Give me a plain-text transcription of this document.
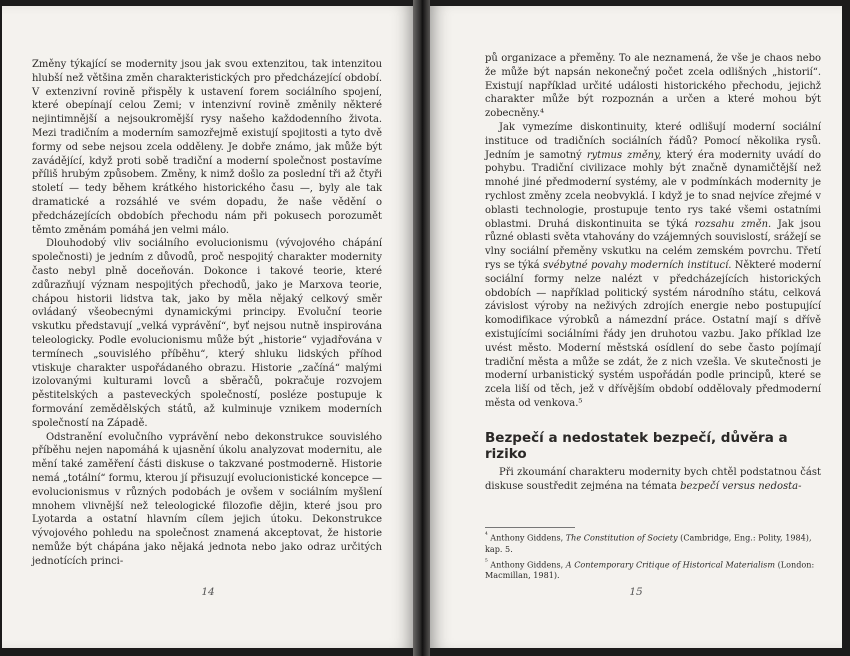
Změny týkající se modernity jsou jak svou extenzitou, tak intenzitou hlubší než většina změn charakteristických pro předcházející období. V extenzivní rovině přispěly k ustavení forem sociálního spojení, které obepínají celou Zemi; v intenzivní rovině změnily některé nejintimnější a nejsoukromější rysy našeho každodenního života. Mezi tradičním a moderním samozřejmě existují spojitosti a tyto dvě formy od sebe nejsou zcela odděleny. Je dobře známo, jak může být zavádějící, když proti sobě tradiční a moderní společnost postavíme příliš hrubým způsobem. Změny, k nimž došlo za poslední tři až čtyři století — tedy během krátkého historického času —, byly ale tak dramatické a rozsáhlé ve svém dopadu, že naše vědění o předcházejících obdobích přechodu nám při pokusech porozumět těmto změnám pomáhá jen velmi málo.

Dlouhodobý vliv sociálního evolucionismu (vývojového chápání společnosti) je jedním z důvodů, proč nespojitý charakter modernity často nebyl plně doceňován. Dokonce i takové teorie, které zdůrazňují význam nespojitých přechodů, jako je Marxova teorie, chápou historii lidstva tak, jako by měla nějaký celkový směr ovládaný všeobecnými dynamickými principy. Evoluční teorie vskutku představují „velká vyprávění“, byť nejsou nutně inspirována teleologicky. Podle evolucionismu může být „historie“ vyjadřována v termínech „souvislého příběhu“, který shluku lidských příhod vtiskuje charakter uspořádaného obrazu. Historie „začíná“ malými izolovanými kulturami lovců a sběračů, pokračuje rozvojem pěstitelských a pasteveckých společností, posléze postupuje k formování zemědělských států, až kulminuje vznikem moderních společností na Západě.

Odstranění evolučního vyprávění nebo dekonstrukce souvislého příběhu nejen napomáhá k ujasnění úkolu analyzovat modernitu, ale mění také zaměření části diskuse o takzvané postmoderně. Historie nemá „totální“ formu, kterou jí přisuzují evolucionistické koncepce — evolucionismus v různých podobách je ovšem v sociálním myšlení mnohem vlivnější než teleologické filozofie dějin, které jsou pro Lyotarda a ostatní hlavním cílem jejich útoku. Dekonstrukce vývojového pohledu na společnost znamená akceptovat, že historie nemůže být chápána jako nějaká jednota nebo jako odraz určitých jednotících princi-

14

pů organizace a přeměny. To ale neznamená, že vše je chaos nebo že může být napsán nekonečný počet zcela odlišných „historií“. Existují například určité události historického přechodu, jejichž charakter může být rozpoznán a určen a které mohou být zobecněny.⁴

Jak vymezíme diskontinuity, které odlišují moderní sociální instituce od tradičních sociálních řádů? Pomocí několika rysů. Jedním je samotný rytmus změny, který éra modernity uvádí do pohybu. Tradiční civilizace mohly být značně dynamičtější než mnohé jiné předmoderní systémy, ale v podmínkách modernity je rychlost změny zcela neobvyklá. I když je to snad nejvíce zřejmé v oblasti technologie, prostupuje tento rys také všemi ostatními oblastmi. Druhá diskontinuita se týká rozsahu změn. Jak jsou různé oblasti světa vtahovány do vzájemných souvislostí, srážejí se vlny sociální přeměny vskutku na celém zemském povrchu. Třetí rys se týká svébytné povahy moderních institucí. Některé moderní sociální formy nelze nalézt v předcházejících historických obdobích — například politický systém národního státu, celková závislost výroby na neživých zdrojích energie nebo postupující komodifikace výrobků a námezdní práce. Ostatní mají s dřívě existujícími sociálními řády jen druhotou vazbu. Jako příklad lze uvést město. Moderní městská osídlení do sebe často pojímají tradiční města a může se zdát, že z nich vzešla. Ve skutečnosti je moderní urbanistický systém uspořádán podle principů, které se zcela liší od těch, jež v dřívějším období oddělovaly předmoderní města od venkova.⁵

Bezpečí a nedostatek bezpečí, důvěra a riziko

Při zkoumání charakteru modernity bych chtěl podstatnou část diskuse soustředit zejména na témata bezpečí versus nedosta-

$^{^4}$ Anthony Giddens, The Constitution of Society (Cambridge, Eng.: Polity, 1984), kap. 5.

$^{^5}$ Anthony Giddens, A Contemporary Critique of Historical Materialism (London: Macmillan, 1981).

15
